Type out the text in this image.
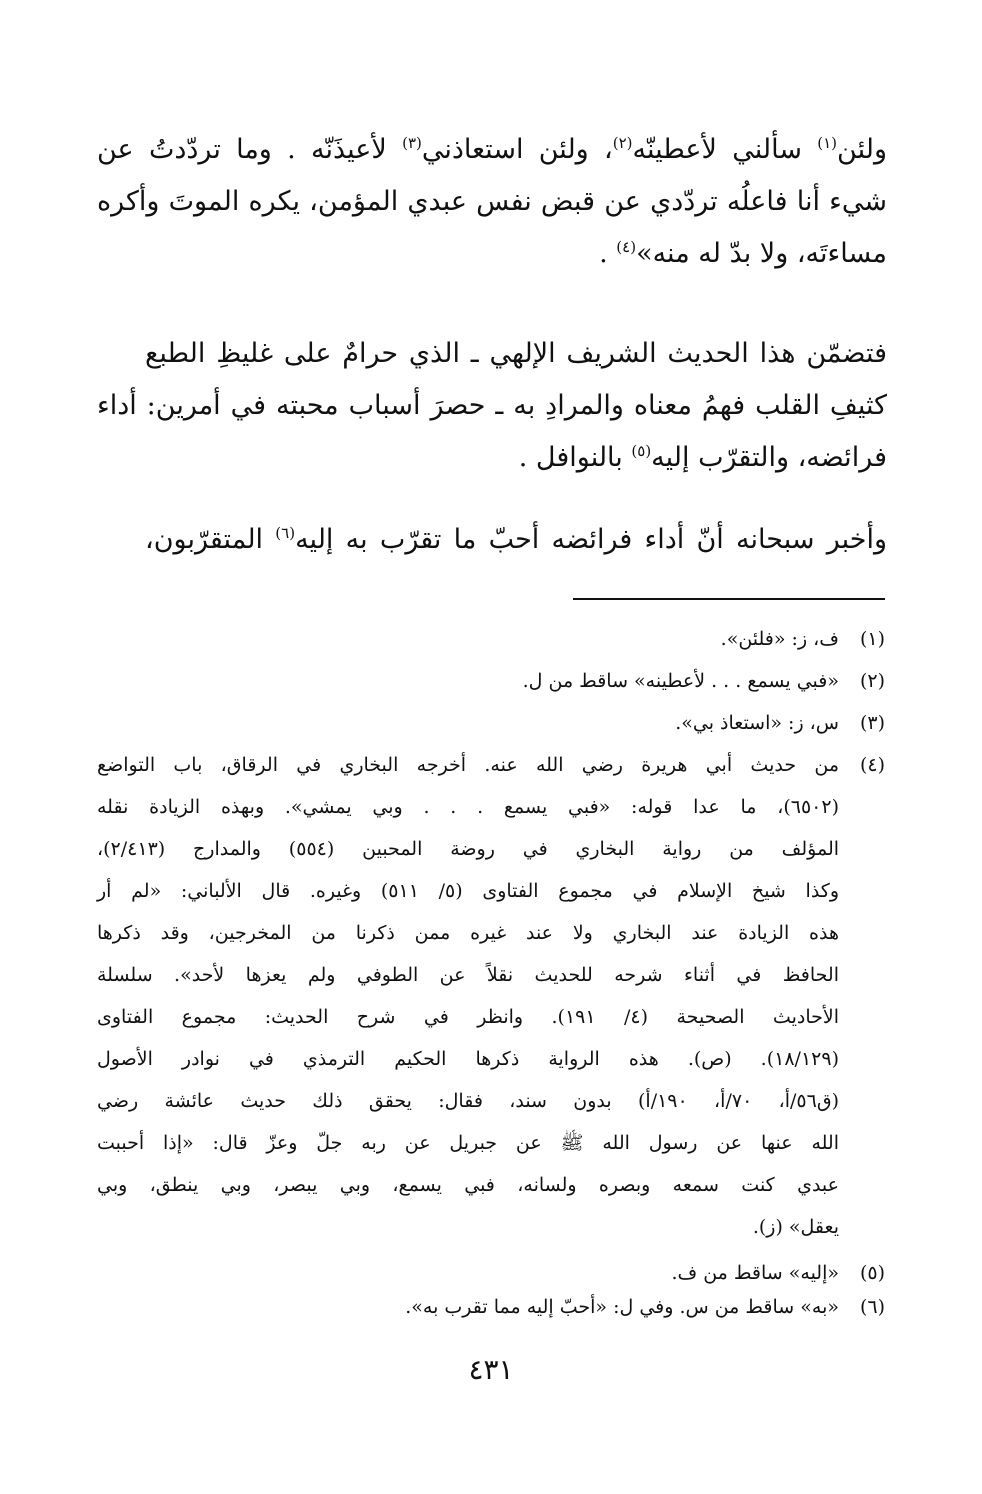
ولئن$^{(١)}$ سألني لأعطينّه$^{(٢)}$، ولئن استعاذني$^{(٣)}$ لأعيذَنّه . وما تردّدتُ عن
شيء أنا فاعلُه تردّدي عن قبض نفس عبدي المؤمن، يكره الموتَ وأكره
مساءتَه، ولا بدّ له منه»$^{(٤)}$ .
فتضمّن هذا الحديث الشريف الإلهي ـ الذي حرامٌ على غليظِ الطبع
كثيفِ القلب فهمُ معناه والمرادِ به ـ حصرَ أسباب محبته في أمرين: أداء
فرائضه، والتقرّب إليه$^{(٥)}$ بالنوافل .
وأخبر سبحانه أنّ أداء فرائضه أحبّ ما تقرّب به إليه$^{(٦)}$ المتقرّبون،
(١)
ف، ز: «فلئن».
(٢)
«فبي يسمع . . . لأعطينه» ساقط من ل.
(٣)
س، ز: «استعاذ بي».
(٤)
من حديث أبي هريرة رضي الله عنه. أخرجه البخاري في الرقاق، باب التواضع
(٦٥٠٢)، ما عدا قوله: «فبي يسمع . . . وبي يمشي». وبهذه الزيادة نقله
المؤلف من رواية البخاري في روضة المحبين (٥٥٤) والمدارج (٢/٤١٣)،
وكذا شيخ الإسلام في مجموع الفتاوى (٥/ ٥١١) وغيره. قال الألباني: «لم أر
هذه الزيادة عند البخاري ولا عند غيره ممن ذكرنا من المخرجين، وقد ذكرها
الحافظ في أثناء شرحه للحديث نقلاً عن الطوفي ولم يعزها لأحد». سلسلة
الأحاديث الصحيحة (٤/ ١٩١). وانظر في شرح الحديث: مجموع الفتاوى
(١٨/١٢٩). (ص). هذه الرواية ذكرها الحكيم الترمذي في نوادر الأصول
(ق٥٦/أ، ٧٠/أ، ١٩٠/أ) بدون سند، فقال: يحقق ذلك حديث عائشة رضي
الله عنها عن رسول الله ﷺ عن جبريل عن ربه جلّ وعزّ قال: «إذا أحببت
عبدي كنت سمعه وبصره ولسانه، فبي يسمع، وبي يبصر، وبي ينطق، وبي
يعقل» (ز).
(٥)
«إليه» ساقط من ف.
(٦)
«به» ساقط من س. وفي ل: «أحبّ إليه مما تقرب به».
٤٣١
